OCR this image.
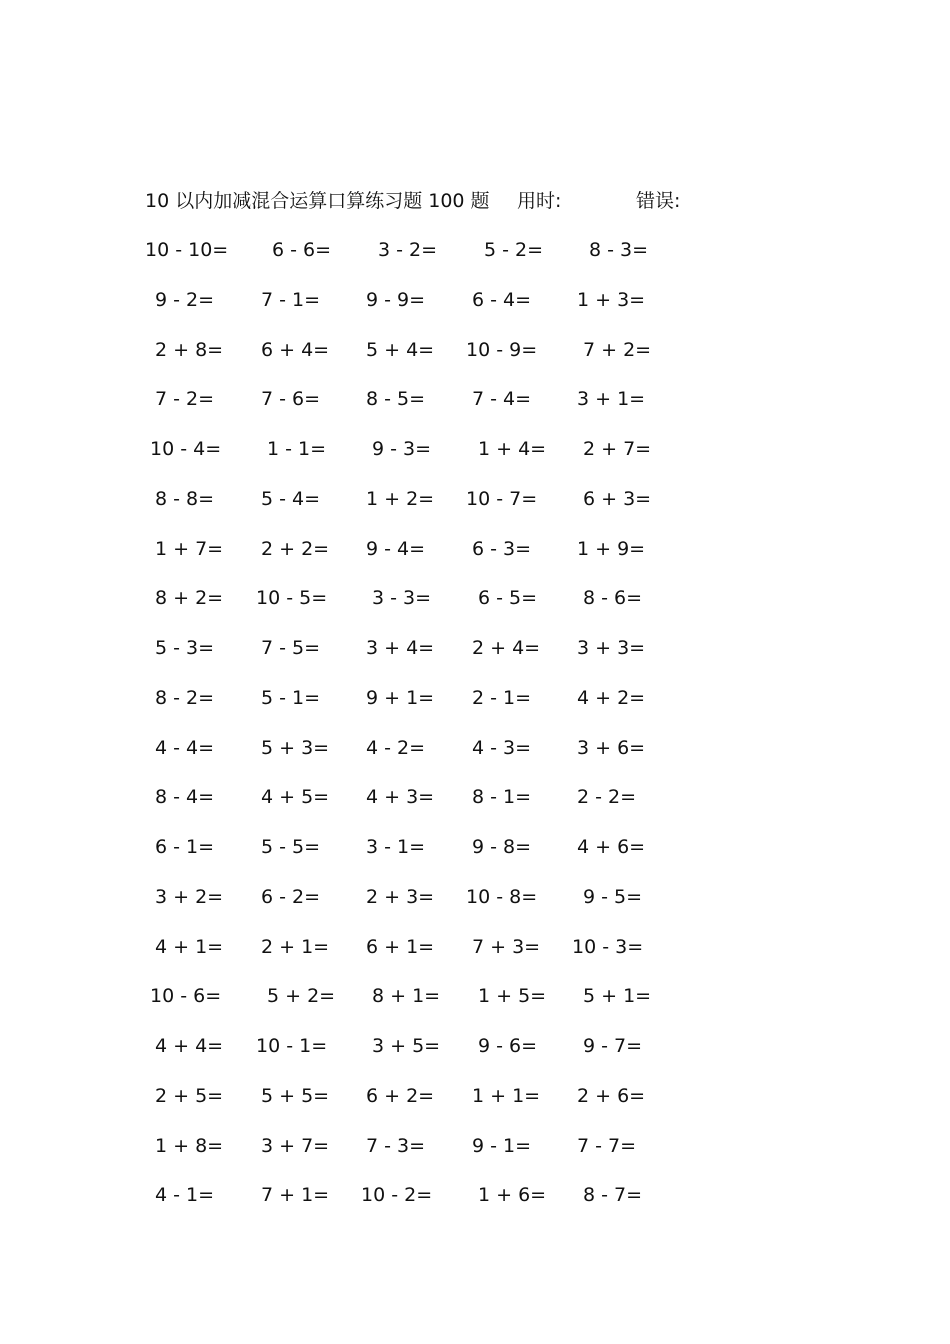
10 以内加减混合运算口算练习题 100 题 用时:	错误:
10 - 10= 6 - 6= 3 - 2= 5 - 2= 8 - 3=
9 - 2= 7 - 1= 9 - 9= 6 - 4= 1 + 3=
2 + 8= 6 + 4= 5 + 4= 10 - 9= 7 + 2=
7 - 2= 7 - 6= 8 - 5= 7 - 4= 3 + 1=
10 - 4= 1 - 1= 9 - 3= 1 + 4= 2 + 7=
8 - 8= 5 - 4= 1 + 2= 10 - 7= 6 + 3=
1 + 7= 2 + 2= 9 - 4= 6 - 3= 1 + 9=
8 + 2= 10 - 5= 3 - 3= 6 - 5= 8 - 6=
5 - 3= 7 - 5= 3 + 4= 2 + 4= 3 + 3=
8 - 2= 5 - 1= 9 + 1= 2 - 1= 4 + 2=
4 - 4= 5 + 3= 4 - 2= 4 - 3= 3 + 6=
8 - 4= 4 + 5= 4 + 3= 8 - 1= 2 - 2=
6 - 1= 5 - 5= 3 - 1= 9 - 8= 4 + 6=
3 + 2= 6 - 2= 2 + 3= 10 - 8= 9 - 5=
4 + 1= 2 + 1= 6 + 1= 7 + 3= 10 - 3=
10 - 6= 5 + 2= 8 + 1= 1 + 5= 5 + 1=
4 + 4= 10 - 1= 3 + 5= 9 - 6= 9 - 7=
2 + 5= 5 + 5= 6 + 2= 1 + 1= 2 + 6=
1 + 8= 3 + 7= 7 - 3= 9 - 1= 7 - 7=
4 - 1= 7 + 1= 10 - 2= 1 + 6= 8 - 7=
